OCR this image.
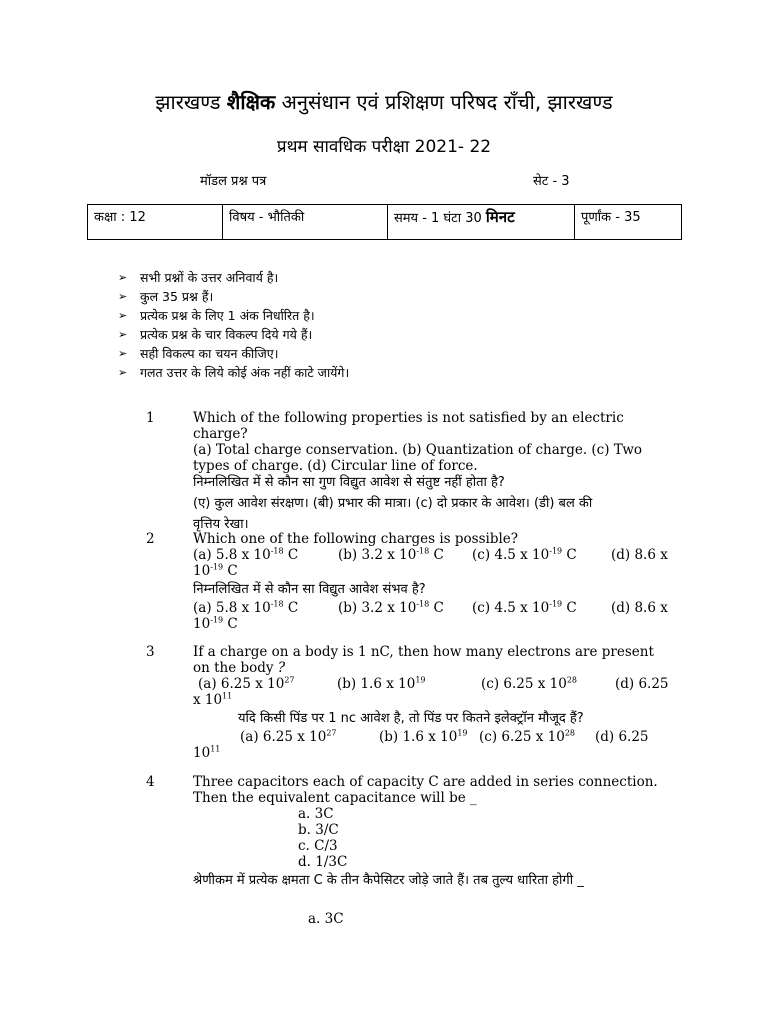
झारखण्ड शैक्षिक अनुसंधान एवं प्रशिक्षण परिषद राँची, झारखण्ड
प्रथम सावधिक परीक्षा 2021- 22
मॉडल प्रश्न पत्र	सेट - 3
कक्षा : 12	विषय - भौतिकी	समय - 1 घंटा 30 मिनट	पूर्णांक - 35
➢ सभी प्रश्नों के उत्तर अनिवार्य है।
➢ कुल 35 प्रश्न हैं।
➢ प्रत्येक प्रश्न के लिए 1 अंक निर्धारित है।
➢ प्रत्येक प्रश्न के चार विकल्प दिये गये हैं।
➢ सही विकल्प का चयन कीजिए।
➢ गलत उत्तर के लिये कोई अंक नहीं काटे जायेंगे।
1	Which of the following properties is not satisfied by an electric
charge?
(a) Total charge conservation. (b) Quantization of charge. (c) Two
types of charge. (d) Circular line of force.
निम्नलिखित में से कौन सा गुण विद्युत आवेश से संतुष्ट नहीं होता है?
(ए) कुल आवेश संरक्षण। (बी) प्रभार की मात्रा। (c) दो प्रकार के आवेश। (डी) बल की
वृत्तिय रेखा।
2	Which one of the following charges is possible?
(a) 5.8 x $10^{-18}$ C	(b) 3.2 x $10^{-18}$ C (c) 4.5 x $10^{-19}$ C	(d) 8.6 x
$10^{-19}$ C
निम्नलिखित में से कौन सा विद्युत आवेश संभव है?
(a) 5.8 x $10^{-18}$ C	(b) 3.2 x $10^{-18}$ C (c) 4.5 x $10^{-19}$ C	(d) 8.6 x
$10^{-19}$ C
3	If a charge on a body is 1 nC, then how many electrons are present
on the body ?
(a) 6.25 x $10^{27}$	(b) 1.6 x $10^{19}$	(c) 6.25 x $10^{28}$	(d) 6.25
x $10^{11}$
यदि किसी पिंड पर 1 nc आवेश है, तो पिंड पर कितने इलेक्ट्रॉन मौजूद हैं?
(a) 6.25 x $10^{27}$	(b) 1.6 x $10^{19}$ (c) 6.25 x $10^{28}$ (d) 6.25
$10^{11}$
4	Three capacitors each of capacity C are added in series connection.
Then the equivalent capacitance will be _
a. 3C
b. 3/C
c. C/3
d. 1/3C
श्रेणीकम में प्रत्येक क्षमता C के तीन कैपेसिटर जोड़े जाते हैं। तब तुल्य धारिता होगी _
a. 3C
